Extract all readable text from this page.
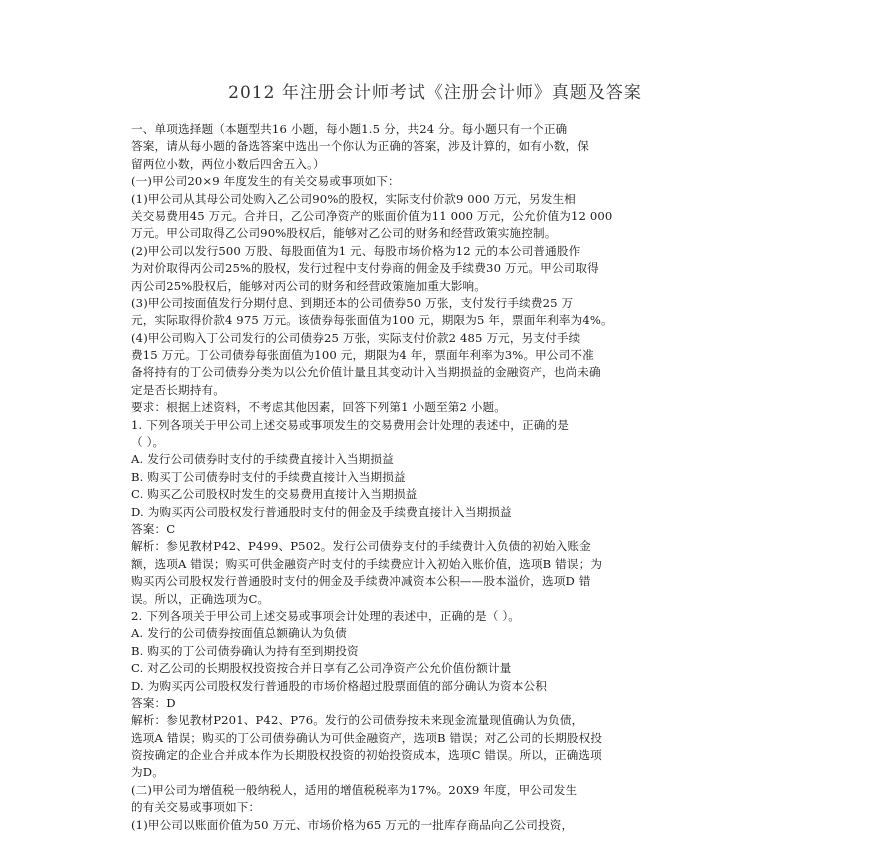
2012 年注册会计师考试《注册会计师》真题及答案
一、单项选择题（本题型共16 小题，每小题1.5 分，共24 分。每小题只有一个正确
答案，请从每小题的备选答案中选出一个你认为正确的答案，涉及计算的，如有小数，保
留两位小数，两位小数后四舍五入。）
(一)甲公司20×9 年度发生的有关交易或事项如下：
(1)甲公司从其母公司处购入乙公司90%的股权，实际支付价款9 000 万元，另发生相
关交易费用45 万元。合并日，乙公司净资产的账面价值为11 000 万元，公允价值为12 000
万元。甲公司取得乙公司90%股权后，能够对乙公司的财务和经营政策实施控制。
(2)甲公司以发行500 万股、每股面值为1 元、每股市场价格为12 元的本公司普通股作
为对价取得丙公司25%的股权，发行过程中支付券商的佣金及手续费30 万元。甲公司取得
丙公司25%股权后，能够对丙公司的财务和经营政策施加重大影响。
(3)甲公司按面值发行分期付息、到期还本的公司债券50 万张，支付发行手续费25 万
元，实际取得价款4 975 万元。该债券每张面值为100 元，期限为5 年，票面年利率为4%。
(4)甲公司购入丁公司发行的公司债券25 万张，实际支付价款2 485 万元，另支付手续
费15 万元。丁公司债券每张面值为100 元，期限为4 年，票面年利率为3%。甲公司不准
备将持有的丁公司债券分类为以公允价值计量且其变动计入当期损益的金融资产，也尚未确
定是否长期持有。
要求：根据上述资料，不考虑其他因素，回答下列第1 小题至第2 小题。
1. 下列各项关于甲公司上述交易或事项发生的交易费用会计处理的表述中，正确的是
（ ）。
A. 发行公司债券时支付的手续费直接计入当期损益
B. 购买丁公司债券时支付的手续费直接计入当期损益
C. 购买乙公司股权时发生的交易费用直接计入当期损益
D. 为购买丙公司股权发行普通股时支付的佣金及手续费直接计入当期损益
答案：C
解析：参见教材P42、P499、P502。发行公司债券支付的手续费计入负债的初始入账金
额，选项A 错误；购买可供金融资产时支付的手续费应计入初始入账价值，选项B 错误；为
购买丙公司股权发行普通股时支付的佣金及手续费冲减资本公积——股本溢价，选项D 错
误。所以，正确选项为C。
2. 下列各项关于甲公司上述交易或事项会计处理的表述中，正确的是（ ）。
A. 发行的公司债券按面值总额确认为负债
B. 购买的丁公司债券确认为持有至到期投资
C. 对乙公司的长期股权投资按合并日享有乙公司净资产公允价值份额计量
D. 为购买丙公司股权发行普通股的市场价格超过股票面值的部分确认为资本公积
答案：D
解析：参见教材P201、P42、P76。发行的公司债券按未来现金流量现值确认为负债，
选项A 错误；购买的丁公司债券确认为可供金融资产，选项B 错误；对乙公司的长期股权投
资按确定的企业合并成本作为长期股权投资的初始投资成本，选项C 错误。所以，正确选项
为D。
(二)甲公司为增值税一般纳税人，适用的增值税税率为17%。20X9 年度，甲公司发生
的有关交易或事项如下：
(1)甲公司以账面价值为50 万元、市场价格为65 万元的一批库存商品向乙公司投资，
